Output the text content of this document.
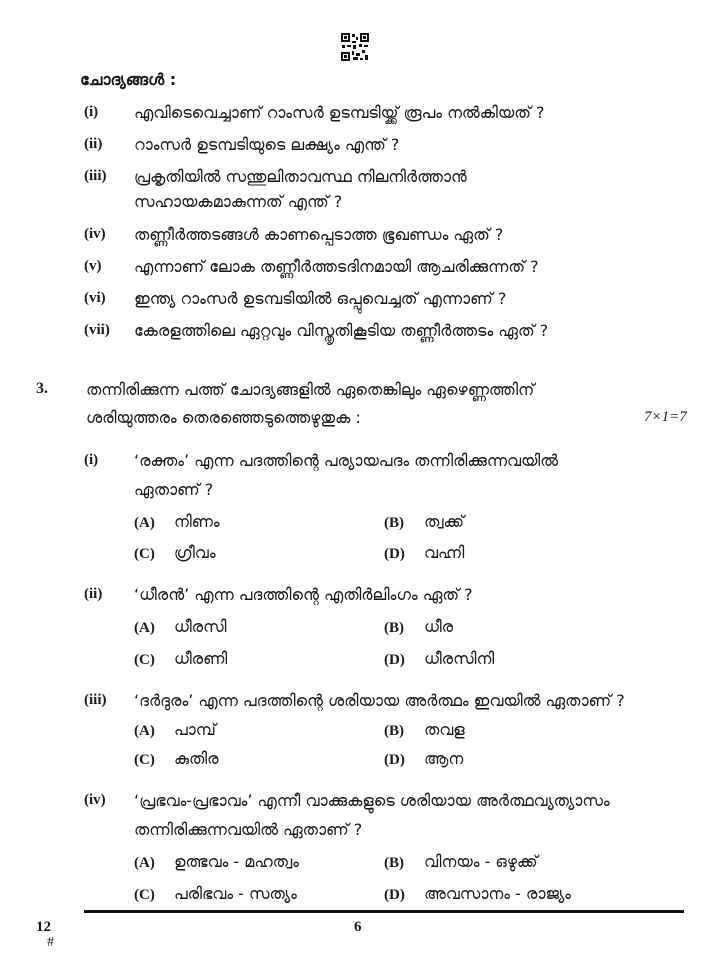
ചോദ്യങ്ങൾ :
(i) എവിടെവെച്ചാണ് റാംസർ ഉടമ്പടിയ്ക്ക് രൂപം നൽകിയത് ?
(ii) റാംസർ ഉടമ്പടിയുടെ ലക്ഷ്യം എന്ത് ?
(iii) പ്രകൃതിയിൽ സന്തുലിതാവസ്ഥ നിലനിർത്താൻ
സഹായകമാകുന്നത് എന്ത് ?
(iv) തണ്ണീർത്തടങ്ങൾ കാണപ്പെടാത്ത ഭൂഖണ്ഡം ഏത് ?
(v) എന്നാണ് ലോക തണ്ണീർത്തടദിനമായി ആചരിക്കുന്നത് ?
(vi) ഇന്ത്യ റാംസർ ഉടമ്പടിയിൽ ഒപ്പുവെച്ചത് എന്നാണ് ?
(vii) കേരളത്തിലെ ഏറ്റവും വിസ്തൃതികൂടിയ തണ്ണീർത്തടം ഏത് ?
3. തന്നിരിക്കുന്ന പത്ത് ചോദ്യങ്ങളിൽ ഏതെങ്കിലും ഏഴെണ്ണത്തിന്
ശരിയുത്തരം തെരഞ്ഞെടുത്തെഴുതുക :	7×1=7
(i) ‘രക്തം’ എന്ന പദത്തിന്റെ പര്യായപദം തന്നിരിക്കുന്നവയിൽ
ഏതാണ് ?
(A) നിണം	(B) ത്വക്ക്
(C) ഗ്രീവം	(D) വഹ്നി
(ii) ‘ധീരൻ’ എന്ന പദത്തിന്റെ എതിർലിംഗം ഏത് ?
(A) ധീരസി	(B) ധീര
(C) ധീരണി	(D) ധീരസിനി
(iii) ‘ദർദുരം’ എന്ന പദത്തിന്റെ ശരിയായ അർത്ഥം ഇവയിൽ ഏതാണ് ?
(A) പാമ്പ്	(B) തവള
(C) കുതിര	(D) ആന
(iv) ‘പ്രഭവം-പ്രഭാവം’ എന്നീ വാക്കുകളുടെ ശരിയായ അർത്ഥവ്യത്യാസം
തന്നിരിക്കുന്നവയിൽ ഏതാണ് ?
(A) ഉത്ഭവം - മഹത്വം	(B) വിനയം - ഒഴുക്ക്
(C) പരിഭവം - സത്യം	(D) അവസാനം - രാജ്യം
12
#
6
